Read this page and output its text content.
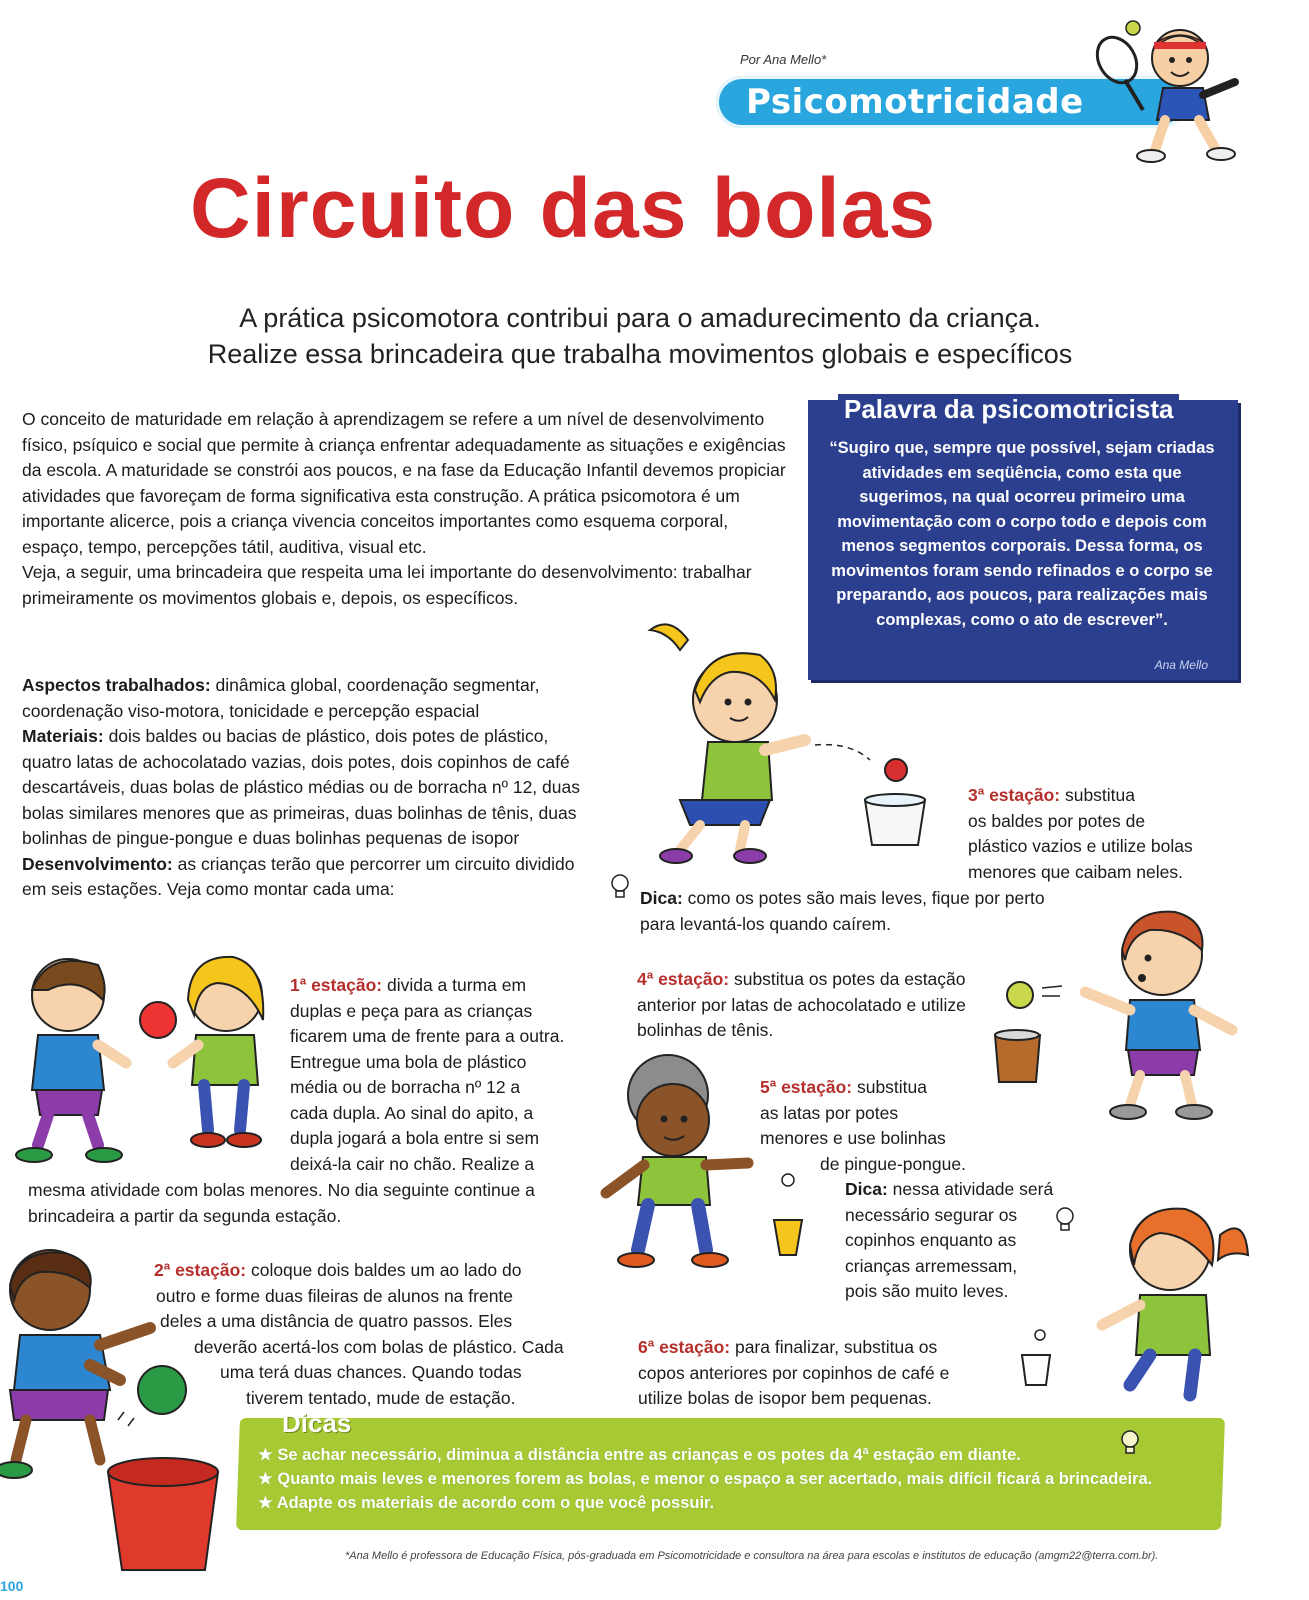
Por Ana Mello*
Psicomotricidade
Circuito das bolas
A prática psicomotora contribui para o amadurecimento da criança.
Realize essa brincadeira que trabalha movimentos globais e específicos

O conceito de maturidade em relação à aprendizagem se refere a um nível de desenvolvimento físico, psíquico e social que permite à criança enfrentar adequadamente as situações e exigências da escola. A maturidade se constrói aos poucos, e na fase da Educação Infantil devemos propiciar atividades que favoreçam de forma significativa esta construção. A prática psicomotora é um importante alicerce, pois a criança vivencia conceitos importantes como esquema corporal, espaço, tempo, percepções tátil, auditiva, visual etc.

Veja, a seguir, uma brincadeira que respeita uma lei importante do desenvolvimento: trabalhar primeiramente os movimentos globais e, depois, os específicos.

Palavra da psicomotricista
“Sugiro que, sempre que possível, sejam criadas atividades em seqüência, como esta que sugerimos, na qual ocorreu primeiro uma movimentação com o corpo todo e depois com menos segmentos corporais. Dessa forma, os movimentos foram sendo refinados e o corpo se preparando, aos poucos, para realizações mais complexas, como o ato de escrever”.
Ana Mello

Aspectos trabalhados: dinâmica global, coordenação segmentar, coordenação viso-motora, tonicidade e percepção espacial

Materiais: dois baldes ou bacias de plástico, dois potes de plástico, quatro latas de achocolatado vazias, dois potes, dois copinhos de café descartáveis, duas bolas de plástico médias ou de borracha nº 12, duas bolas similares menores que as primeiras, duas bolinhas de tênis, duas bolinhas de pingue-pongue e duas bolinhas pequenas de isopor

Desenvolvimento: as crianças terão que percorrer um circuito dividido em seis estações. Veja como montar cada uma:

3ª estação: substitua
os baldes por potes de
plástico vazios e utilize bolas
menores que caibam neles.
Dica: como os potes são mais leves, fique por perto
para levantá-los quando caírem.
1ª estação: divida a turma em
duplas e peça para as crianças
ficarem uma de frente para a outra.
Entregue uma bola de plástico
média ou de borracha nº 12 a
cada dupla. Ao sinal do apito, a
dupla jogará a bola entre si sem
deixá-la cair no chão. Realize a
mesma atividade com bolas menores. No dia seguinte continue a
brincadeira a partir da segunda estação.
4ª estação: substitua os potes da estação
anterior por latas de achocolatado e utilize
bolinhas de tênis.
5ª estação: substitua
as latas por potes
menores e use bolinhas
de pingue-pongue.
Dica: nessa atividade será
necessário segurar os
copinhos enquanto as
crianças arremessam,
pois são muito leves.
2ª estação: coloque dois baldes um ao lado do
outro e forme duas fileiras de alunos na frente
deles a uma distância de quatro passos. Eles
deverão acertá-los com bolas de plástico. Cada
uma terá duas chances. Quando todas
tiverem tentado, mude de estação.
6ª estação: para finalizar, substitua os
copos anteriores por copinhos de café e
utilize bolas de isopor bem pequenas.
Dicas
★ Se achar necessário, diminua a distância entre as crianças e os potes da 4ª estação em diante.
★ Quanto mais leves e menores forem as bolas, e menor o espaço a ser acertado, mais difícil ficará a brincadeira.
★ Adapte os materiais de acordo com o que você possuir.
*Ana Mello é professora de Educação Física, pós-graduada em Psicomotricidade e consultora na área para escolas e institutos de educação (amgm22@terra.com.br).
100
